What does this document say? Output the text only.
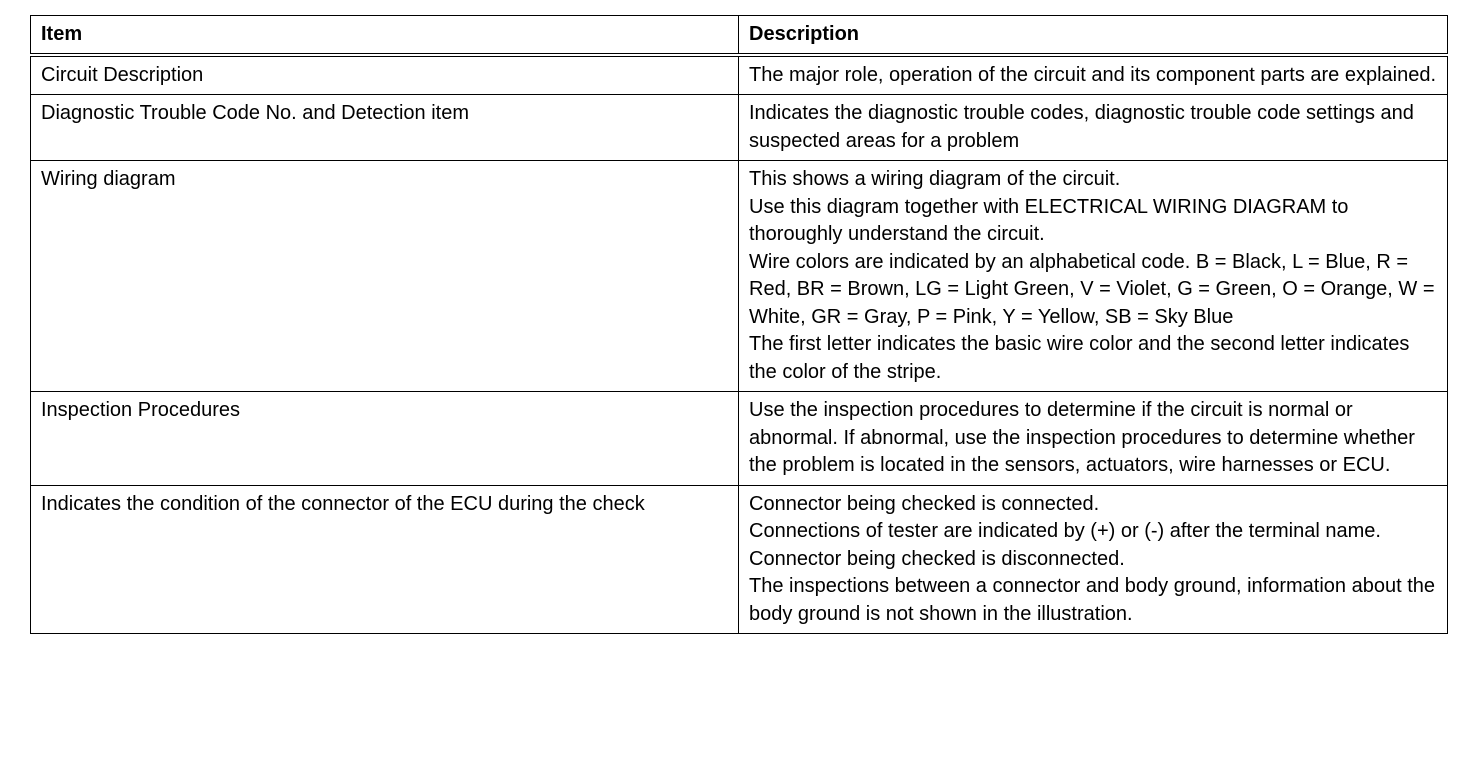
Item	Description
Circuit Description	The major role, operation of the circuit and its component parts are explained.

Diagnostic Trouble Code No. and Detection item	Indicates the diagnostic trouble codes, diagnostic trouble code settings and suspected areas for a problem

Wiring diagram	This shows a wiring diagram of the circuit.
Use this diagram together with ELECTRICAL WIRING DIAGRAM to thoroughly understand the circuit.
Wire colors are indicated by an alphabetical code. B = Black, L = Blue, R = Red, BR = Brown, LG = Light Green, V = Violet, G = Green, O = Orange, W = White, GR = Gray, P = Pink, Y = Yellow, SB = Sky Blue
The first letter indicates the basic wire color and the second letter indicates the color of the stripe.

Inspection Procedures	Use the inspection procedures to determine if the circuit is normal or abnormal. If abnormal, use the inspection procedures to determine whether the problem is located in the sensors, actuators, wire harnesses or ECU.

Indicates the condition of the connector of the ECU during the check	Connector being checked is connected.
Connections of tester are indicated by (+) or (-) after the terminal name.
Connector being checked is disconnected.
The inspections between a connector and body ground, information about the body ground is not shown in the illustration.
